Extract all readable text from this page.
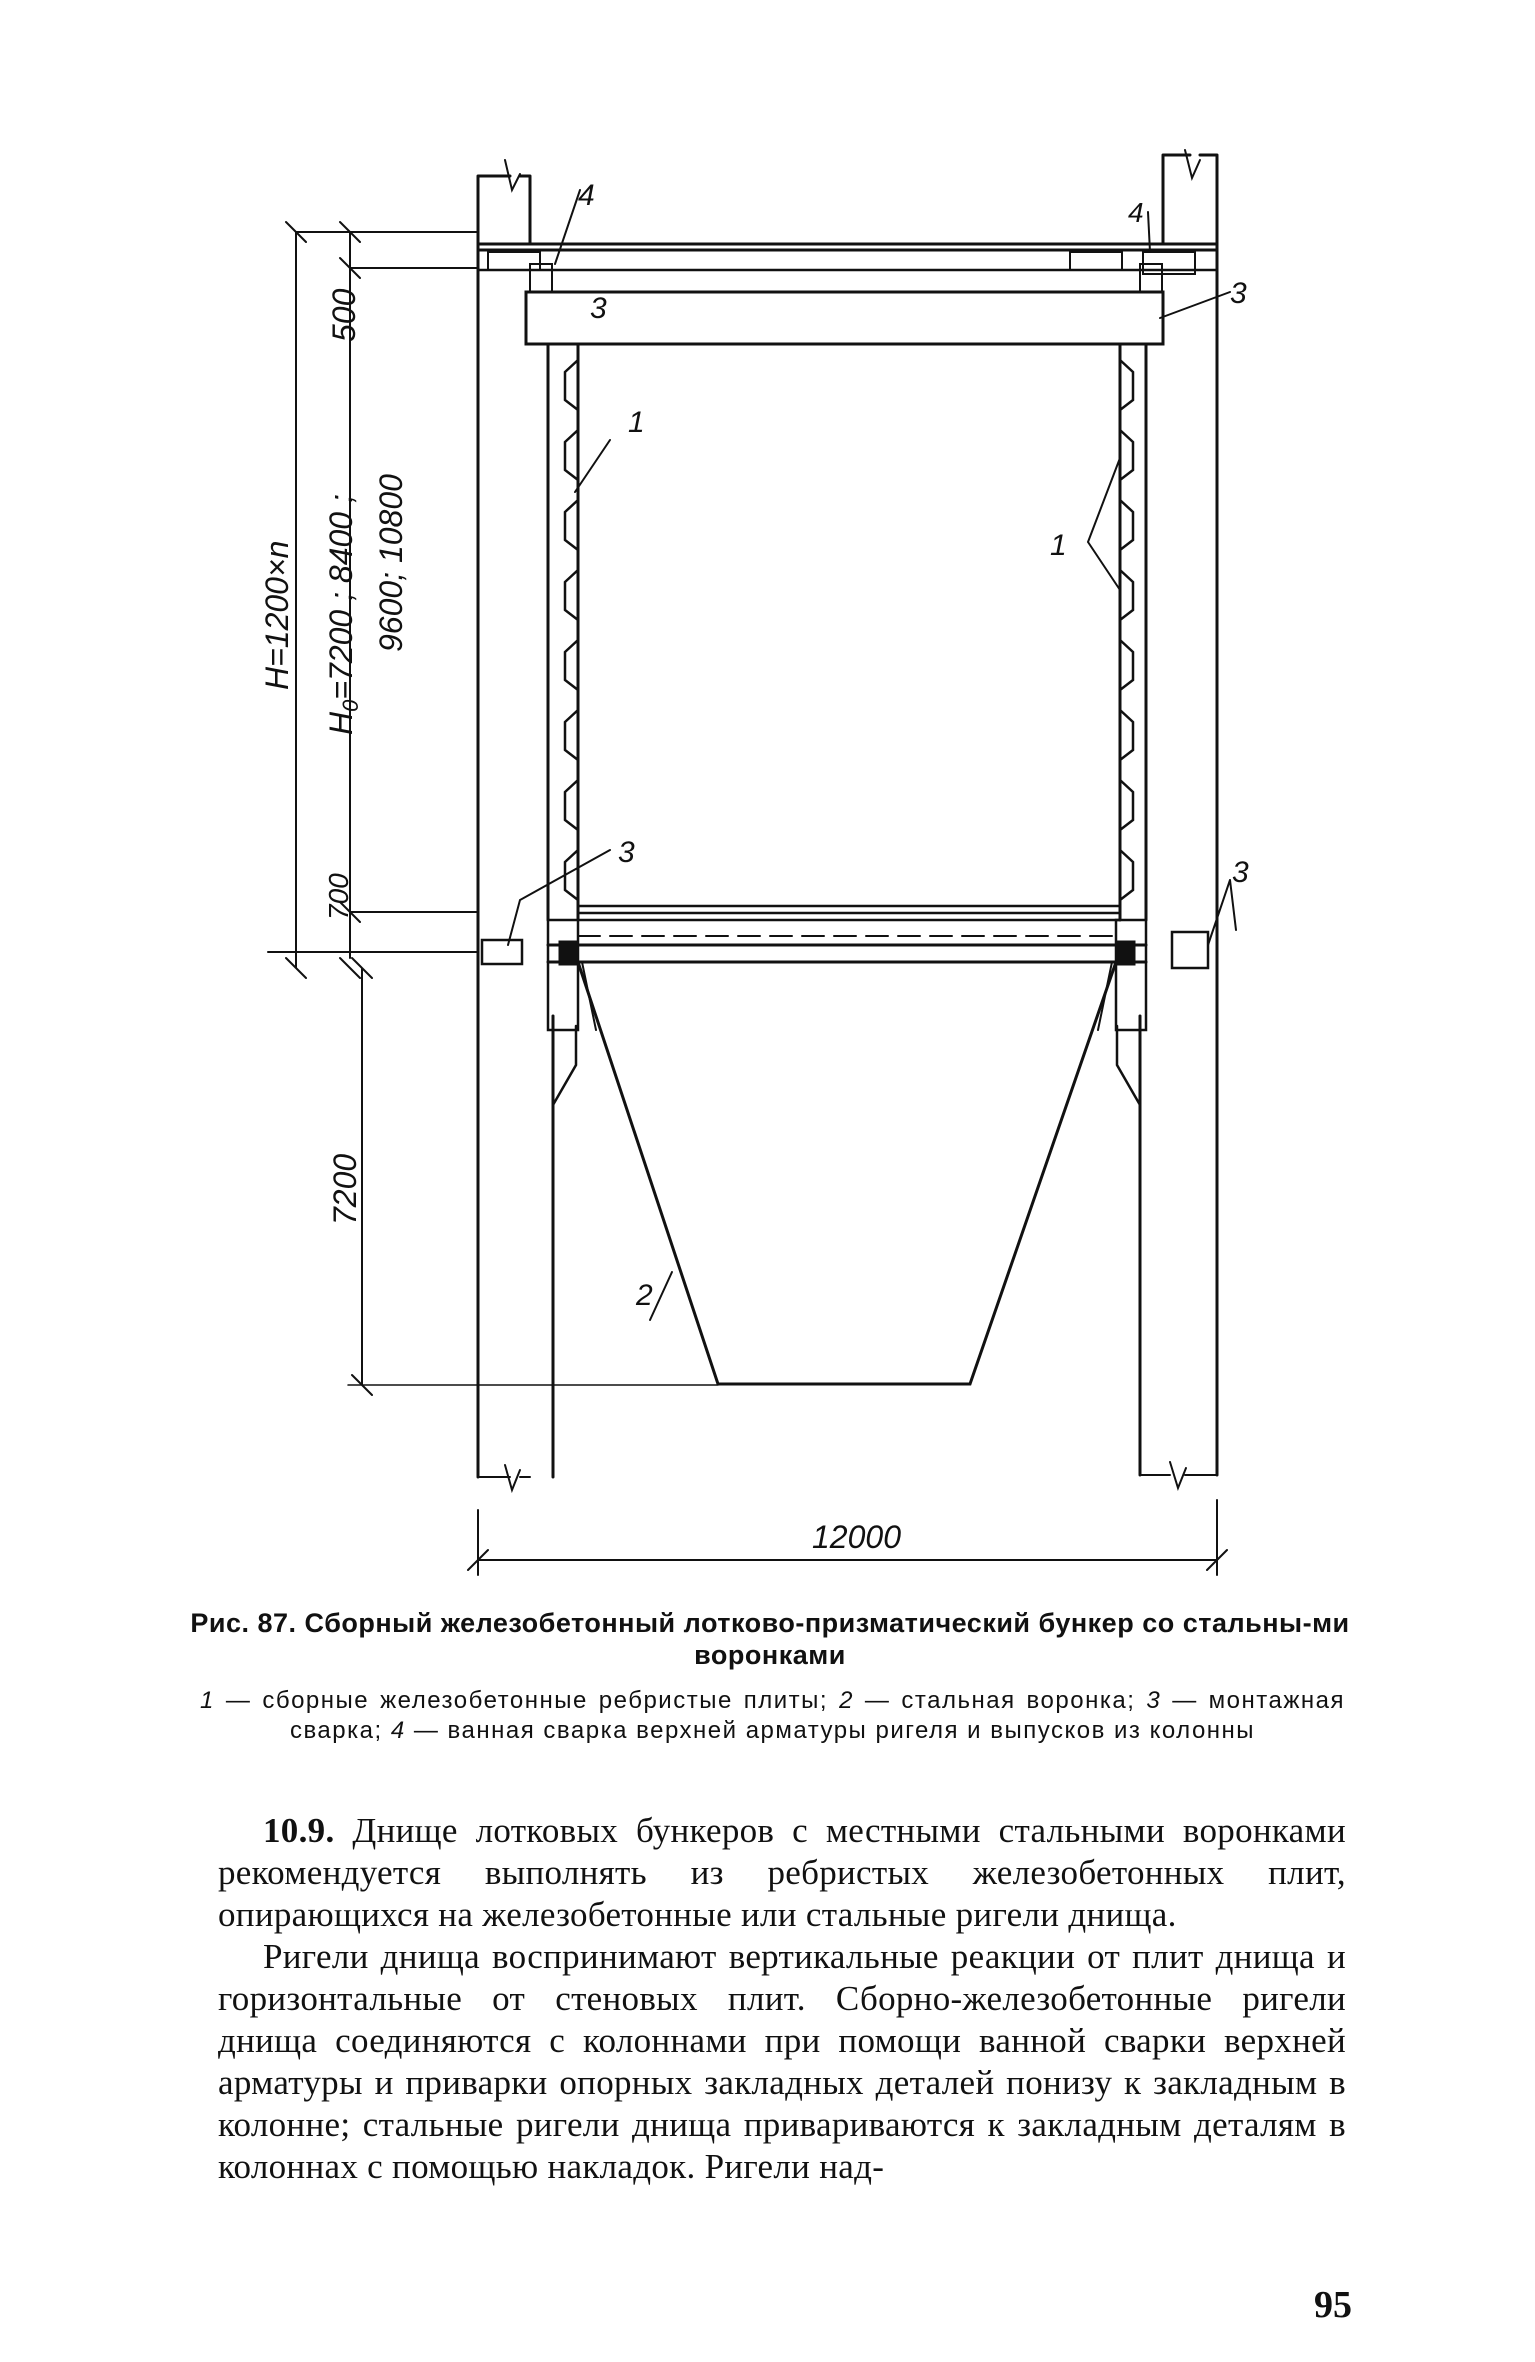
12000
500
700
7200
H=1200×n
H0=7200 ; 8400 ; 9600; 10800
4
4
3	3
1
1
3
3
2
Рис. 87. Сборный железобетонный лотково-призматический бункер со стальны-ми воронками
1 — сборные железобетонные ребристые плиты; 2 — стальная воронка; 3 — монтажная сварка; 4 — ванная сварка верхней арматуры ригеля и выпусков из колонны

10.9. Днище лотковых бункеров с местными стальными воронками рекомендуется выполнять из ребристых железобетонных плит, опирающихся на железобетонные или стальные ригели днища.

Ригели днища воспринимают вертикальные реакции от плит днища и горизонтальные от стеновых плит. Сборно-железобетонные ригели днища соединяются с колоннами при помощи ванной сварки верхней арматуры и приварки опорных закладных деталей понизу к закладным в колонне; стальные ригели днища привариваются к закладным деталям в колоннах с помощью накладок. Ригели над-

95
